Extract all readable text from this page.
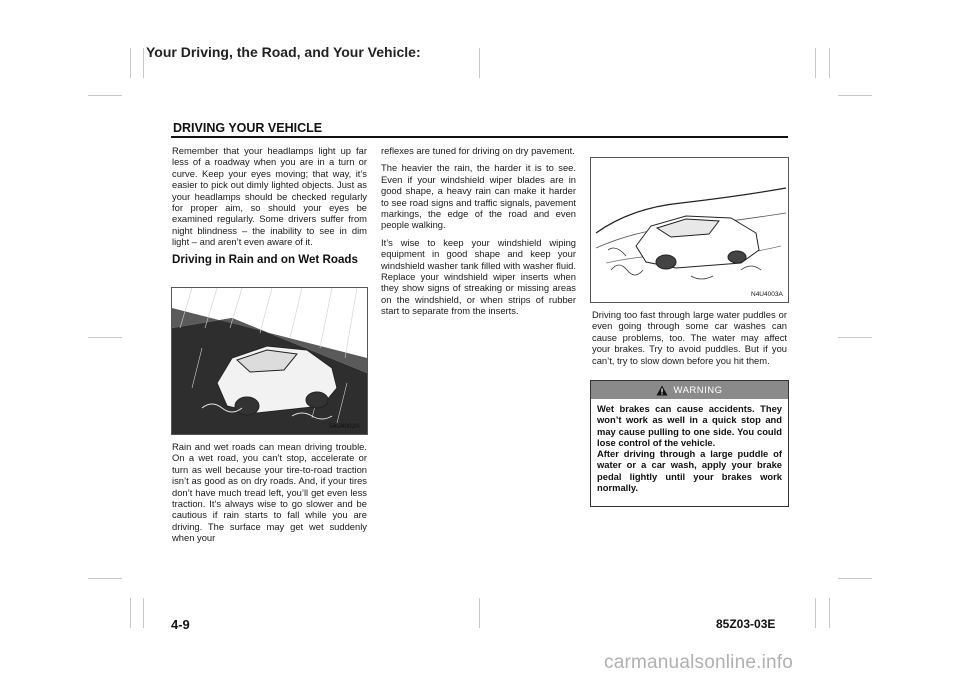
Your Driving, the Road, and Your Vehicle:
DRIVING YOUR VEHICLE

Remember that your headlamps light up far less of a roadway when you are in a turn or curve. Keep your eyes moving; that way, it’s easier to pick out dimly lighted objects. Just as your headlamps should be checked regularly for proper aim, so should your eyes be examined regularly. Some drivers suffer from night blindness – the inability to see in dim light – and aren’t even aware of it.

Driving in Rain and on Wet Roads
54U4002A

Rain and wet roads can mean driving trouble. On a wet road, you can’t stop, accelerate or turn as well because your tire-to-road traction isn’t as good as on dry roads. And, if your tires don’t have much tread left, you’ll get even less traction. It’s always wise to go slower and be cautious if rain starts to fall while you are driving. The surface may get wet suddenly when your

reflexes are tuned for driving on dry pavement.

The heavier the rain, the harder it is to see. Even if your windshield wiper blades are in good shape, a heavy rain can make it harder to see road signs and traffic signals, pavement markings, the edge of the road and even people walking.

It’s wise to keep your windshield wiping equipment in good shape and keep your windshield washer tank filled with washer fluid. Replace your windshield wiper inserts when they show signs of streaking or missing areas on the windshield, or when strips of rubber start to separate from the inserts.

N4U4003A

Driving too fast through large water puddles or even going through some car washes can cause problems, too. The water may affect your brakes. Try to avoid puddles. But if you can’t, try to slow down before you hit them.

WARNING

Wet brakes can cause accidents. They won’t work as well in a quick stop and may cause pulling to one side. You could lose control of the vehicle.

After driving through a large puddle of water or a car wash, apply your brake pedal lightly until your brakes work normally.

4-9	85Z03-03E
carmanualsonline.info
